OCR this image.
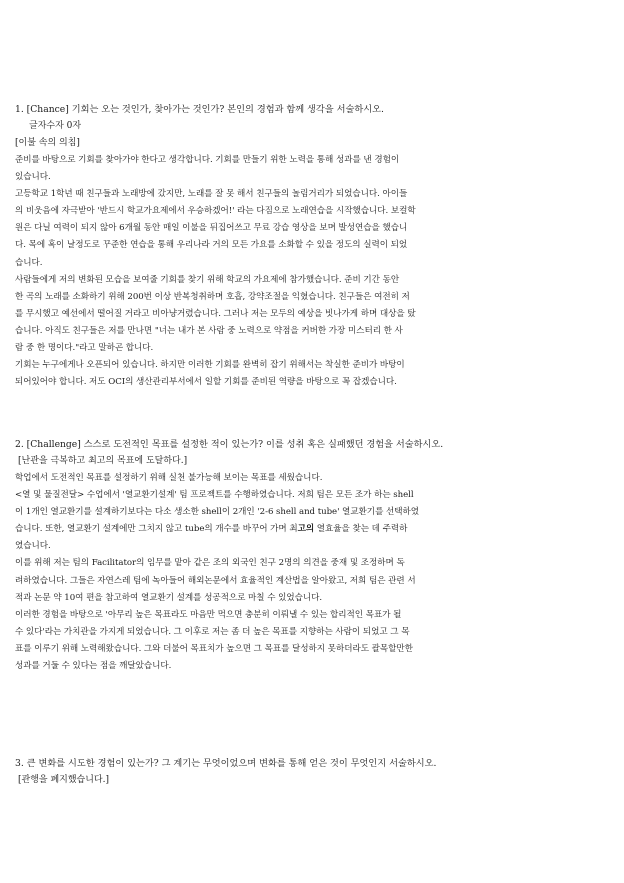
1. [Chance] 기회는 오는 것인가, 찾아가는 것인가? 본인의 경험과 함께 생각을 서술하시오.

글자수자 0자

[이불 속의 의침]

준비를 바탕으로 기회를 찾아가야 한다고 생각합니다. 기회를 만들기 위한 노력을 통해 성과를 낸 경험이

있습니다.

고등학교 1학년 때 친구들과 노래방에 갔지만, 노래를 잘 못 해서 친구들의 놀림거리가 되었습니다. 아이들

의 비웃음에 자극받아 '반드시 학교가요제에서 우승하겠어!' 라는 다짐으로 노래연습을 시작했습니다. 보컬학

원은 다닐 여력이 되지 않아 6개월 동안 매일 이불을 뒤집어쓰고 무료 강습 영상을 보며 발성연습을 했습니

다. 목에 혹이 날정도로 꾸준한 연습을 통해 우리나라 거의 모든 가요를 소화할 수 있을 정도의 실력이 되었

습니다.

사람들에게 저의 변화된 모습을 보여줄 기회를 찾기 위해 학교의 가요제에 참가했습니다. 준비 기간 동안

한 곡의 노래를 소화하기 위해 200번 이상 반복청취하며 호흡, 강약조절을 익혔습니다. 친구들은 여전히 저

를 무시했고 예선에서 떨어질 거라고 비아냥거렸습니다. 그러나 저는 모두의 예상을 빗나가게 하며 대상을 탔

습니다. 아직도 친구들은 저를 만나면 "너는 내가 본 사람 중 노력으로 약점을 커버한 가장 미스터리 한 사

람 중 한 명이다."라고 말하곤 합니다.

기회는 누구에게나 오픈되어 있습니다. 하지만 이러한 기회를 완벽히 잡기 위해서는 착실한 준비가 바탕이

되어있어야 합니다. 저도 OCI의 생산관리부서에서 일할 기회를 준비된 역량을 바탕으로 꼭 잡겠습니다.

2. [Challenge] 스스로 도전적인 목표를 설정한 적이 있는가? 이를 성취 혹은 실패했던 경험을 서술하시오.

[난관을 극복하고 최고의 목표에 도달하다.]

학업에서 도전적인 목표를 설정하기 위해 실천 불가능해 보이는 목표를 세웠습니다.

<열 및 물질전달> 수업에서 '열교환기설계' 팀 프로젝트를 수행하였습니다. 저희 팀은 모든 조가 하는 shell

이 1개인 열교환기를 설계하기보다는 다소 생소한 shell이 2개인 '2-6 shell and tube' 열교환기를 선택하였

습니다. 또한, 열교환기 설계에만 그치지 않고 tube의 개수를 바꾸어 가며 최고의 열효율을 찾는 데 주력하

였습니다.

이를 위해 저는 팀의 Facilitator의 임무를 맡아 같은 조의 외국인 친구 2명의 의견을 중재 및 조정하며 독

려하였습니다. 그들은 자연스레 팀에 녹아들어 해외논문에서 효율적인 계산법을 알아왔고, 저희 팀은 관련 서

적과 논문 약 10여 편을 참고하여 열교환기 설계를 성공적으로 마칠 수 있었습니다.

이러한 경험을 바탕으로 '아무리 높은 목표라도 마음만 먹으면 충분히 이뤄낼 수 있는 합리적인 목표가 될

수 있다'라는 가치관을 가지게 되었습니다. 그 이후로 저는 좀 더 높은 목표를 지향하는 사람이 되었고 그 목

표를 이루기 위해 노력해왔습니다. 그와 더불어 목표치가 높으면 그 목표를 달성하지 못하더라도 괄목할만한

성과를 거둘 수 있다는 점을 깨달았습니다.

3. 큰 변화를 시도한 경험이 있는가? 그 계기는 무엇이었으며 변화를 통해 얻은 것이 무엇인지 서술하시오.

[관행을 폐지했습니다.]
